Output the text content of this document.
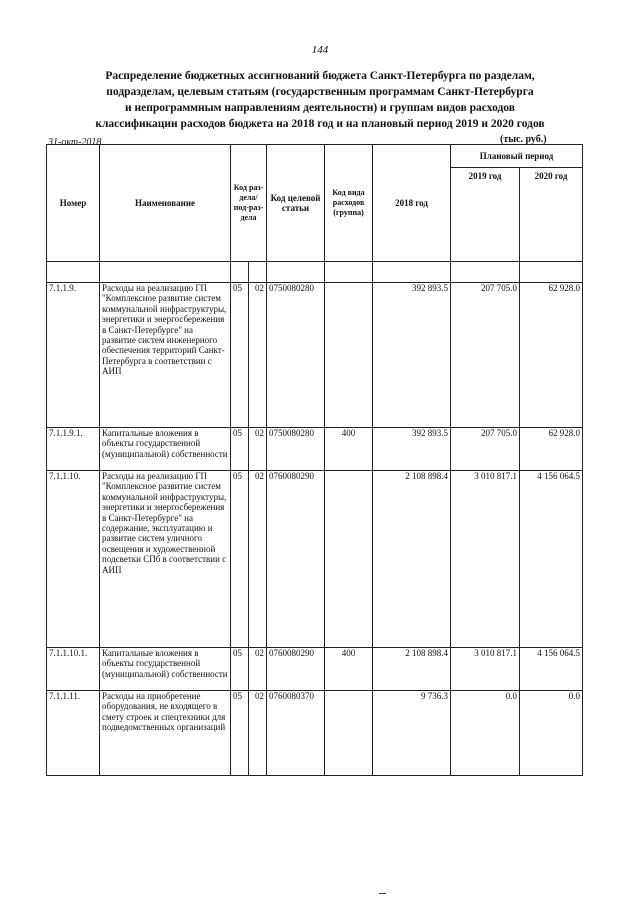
144
Распределение бюджетных ассигнований бюджета Санкт-Петербурга по разделам,
подразделам, целевым статьям (государственным программам Санкт-Петербурга
и непрограммным направлениям деятельности) и группам видов расходов
классификации расходов бюджета на 2018 год и на плановый период 2019 и 2020 годов
31-окт-2018	(тыс. руб.)
Номер	Наименование	Код раз-дела/ под-раз-дела		Код целевой статьи	Код вида расходов (группа)	2018 год	Плановый период	
							2019 год	2020 год

7.1.1.9.	Расходы на реализацию ГП "Комплексное развитие систем коммунальной инфраструктуры, энергетики и энергосбережения в Санкт-Петербурге" на развитие систем инженерного обеспечения территорий Санкт-Петербурга в соответствии с АИП	05	02	0750080280		392 893.5	207 705.0	62 928.0
7.1.1.9.1.	Капитальные вложения в объекты государственной (муниципальной) собственности	05	02	0750080280	400	392 893.5	207 705.0	62 928.0
7.1.1.10.	Расходы на реализацию ГП "Комплексное развитие систем коммунальной инфраструктуры, энергетики и энергосбережения в Санкт-Петербурге" на содержание, эксплуатацию и развитие систем уличного освещения и художественной подсветки СПб в соответствии с АИП	05	02	0760080290		2 108 898.4	3 010 817.1	4 156 064.5
7.1.1.10.1.	Капитальные вложения в объекты государственной (муниципальной) собственности	05	02	0760080290	400	2 108 898.4	3 010 817.1	4 156 064.5
7.1.1.11.	Расходы на приобретение оборудования, не входящего в смету строек и спецтехники для подведомственных организаций	05	02	0760080370		9 736.3	0.0	0.0
